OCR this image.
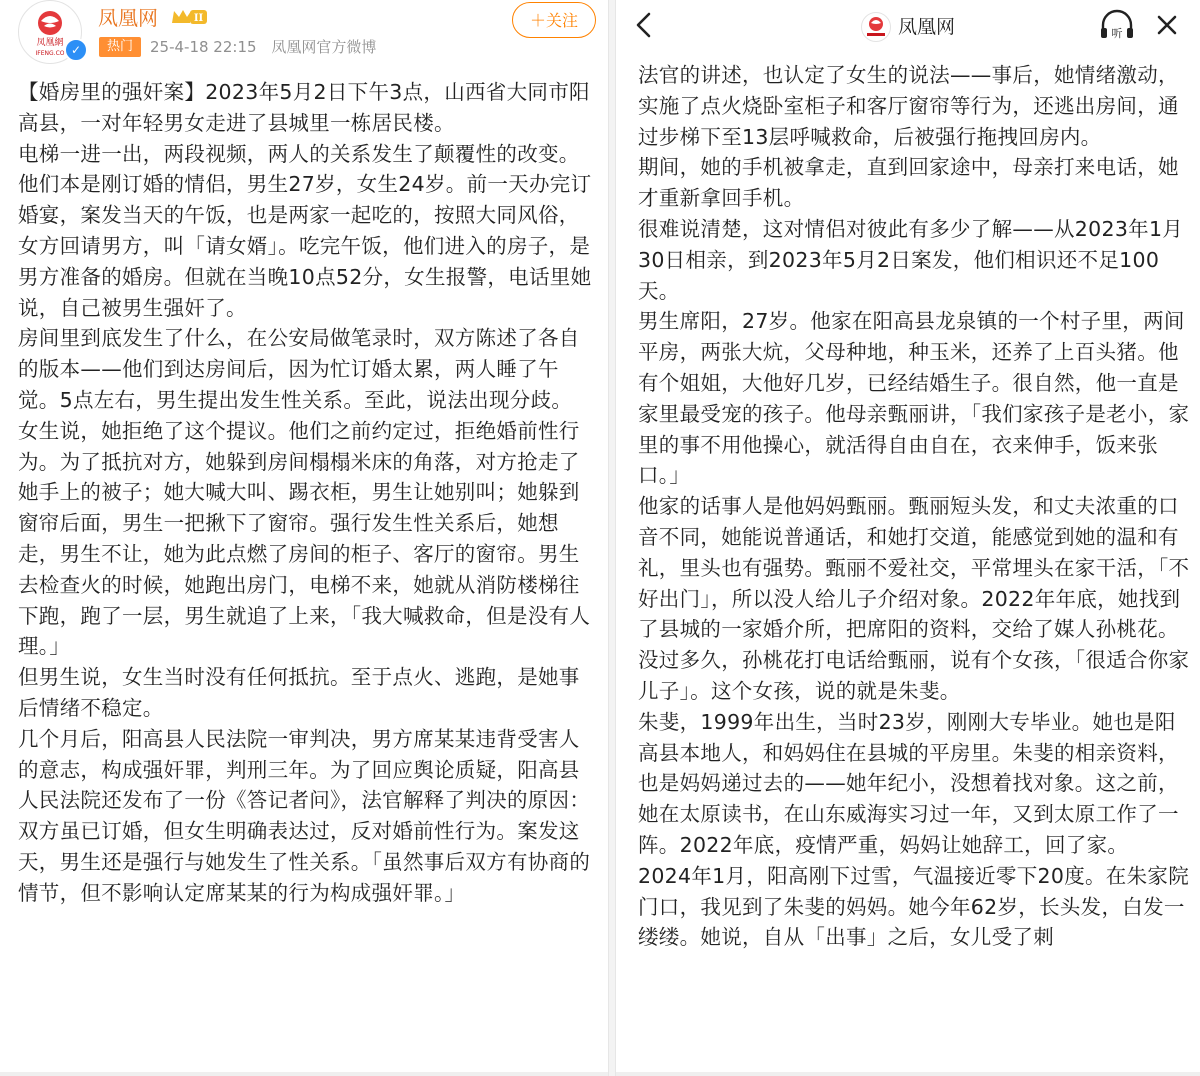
凤凰網
IFENG.CO ✓
凤凰网	II
热门	25-4-18 22:15 凤凰网官方微博
＋关注

【婚房里的强奸案】2023年5月2日下午3点，山西省大同市阳高县，一对年轻男女走进了县城里一栋居民楼。

电梯一进一出，两段视频，两人的关系发生了颠覆性的改变。

他们本是刚订婚的情侣，男生27岁，女生24岁。前一天办完订婚宴，案发当天的午饭，也是两家一起吃的，按照大同风俗，女方回请男方，叫「请女婿」。吃完午饭，他们进入的房子，是男方准备的婚房。但就在当晚10点52分，女生报警，电话里她说，自己被男生强奸了。

房间里到底发生了什么，在公安局做笔录时，双方陈述了各自的版本——他们到达房间后，因为忙订婚太累，两人睡了午觉。5点左右，男生提出发生性关系。至此，说法出现分歧。

女生说，她拒绝了这个提议。他们之前约定过，拒绝婚前性行为。为了抵抗对方，她躲到房间榻榻米床的角落，对方抢走了她手上的被子；她大喊大叫、踢衣柜，男生让她别叫；她躲到窗帘后面，男生一把揪下了窗帘。强行发生性关系后，她想走，男生不让，她为此点燃了房间的柜子、客厅的窗帘。男生去检查火的时候，她跑出房门，电梯不来，她就从消防楼梯往下跑，跑了一层，男生就追了上来，「我大喊救命，但是没有人理。」

但男生说，女生当时没有任何抵抗。至于点火、逃跑，是她事后情绪不稳定。

几个月后，阳高县人民法院一审判决，男方席某某违背受害人的意志，构成强奸罪，判刑三年。为了回应舆论质疑，阳高县人民法院还发布了一份《答记者问》，法官解释了判决的原因：双方虽已订婚，但女生明确表达过，反对婚前性行为。案发这天，男生还是强行与她发生了性关系。「虽然事后双方有协商的情节，但不影响认定席某某的行为构成强奸罪。」

法官的讲述，也认定了女生的说法——事后，她情绪激动，实施了点火烧卧室柜子和客厅窗帘等行为，还逃出房间，通过步梯下至13层呼喊救命，后被强行拖拽回房内。

期间，她的手机被拿走，直到回家途中，母亲打来电话，她才重新拿回手机。

很难说清楚，这对情侣对彼此有多少了解——从2023年1月30日相亲，到2023年5月2日案发，他们相识还不足100天。

男生席阳，27岁。他家在阳高县龙泉镇的一个村子里，两间平房，两张大炕，父母种地，种玉米，还养了上百头猪。他有个姐姐，大他好几岁，已经结婚生子。很自然，他一直是家里最受宠的孩子。他母亲甄丽讲，「我们家孩子是老小，家里的事不用他操心，就活得自由自在，衣来伸手，饭来张口。」

他家的话事人是他妈妈甄丽。甄丽短头发，和丈夫浓重的口音不同，她能说普通话，和她打交道，能感觉到她的温和有礼，里头也有强势。甄丽不爱社交，平常埋头在家干活，「不好出门」，所以没人给儿子介绍对象。2022年年底，她找到了县城的一家婚介所，把席阳的资料，交给了媒人孙桃花。

没过多久，孙桃花打电话给甄丽，说有个女孩，「很适合你家儿子」。这个女孩，说的就是朱斐。

朱斐，1999年出生，当时23岁，刚刚大专毕业。她也是阳高县本地人，和妈妈住在县城的平房里。朱斐的相亲资料，也是妈妈递过去的——她年纪小，没想着找对象。这之前，她在太原读书，在山东威海实习过一年，又到太原工作了一阵。2022年底，疫情严重，妈妈让她辞工，回了家。

2024年1月，阳高刚下过雪，气温接近零下20度。在朱家院门口，我见到了朱斐的妈妈。她今年62岁，长头发，白发一缕缕。她说，自从「出事」之后，女儿受了刺

凤凰网	听
